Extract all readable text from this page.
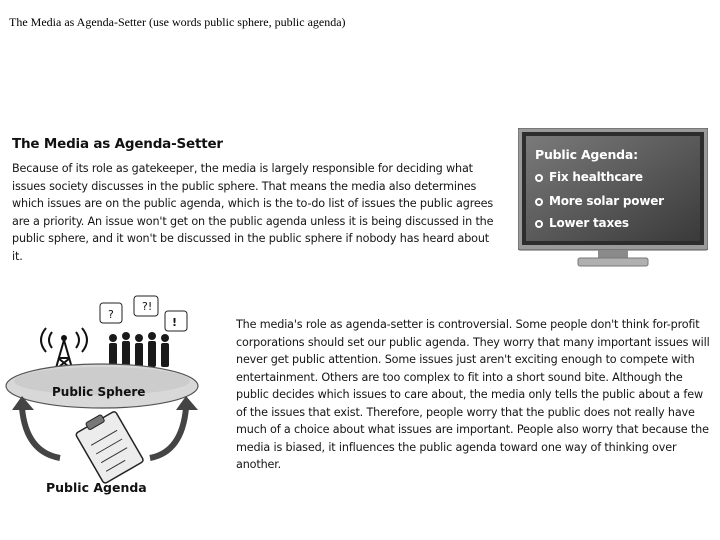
The Media as Agenda-Setter (use words public sphere, public agenda)
The Media as Agenda-Setter
Because of its role as gatekeeper, the media is largely responsible for deciding what issues society discusses in the public sphere. That means the media also determines which issues are on the public agenda, which is the to-do list of issues the public agrees are a priority. An issue won't get on the public agenda unless it is being discussed in the public sphere, and it won't be discussed in the public sphere if nobody has heard about it.
Public Agenda:
Fix healthcare
More solar power
Lower taxes
?
?!
!
Public Sphere
Public Agenda
The media's role as agenda-setter is controversial. Some people don't think for-profit corporations should set our public agenda. They worry that many important issues will never get public attention. Some issues just aren't exciting enough to compete with entertainment. Others are too complex to fit into a short sound bite. Although the public decides which issues to care about, the media only tells the public about a few of the issues that exist. Therefore, people worry that the public does not really have much of a choice about what issues are important. People also worry that because the media is biased, it influences the public agenda toward one way of thinking over another.
